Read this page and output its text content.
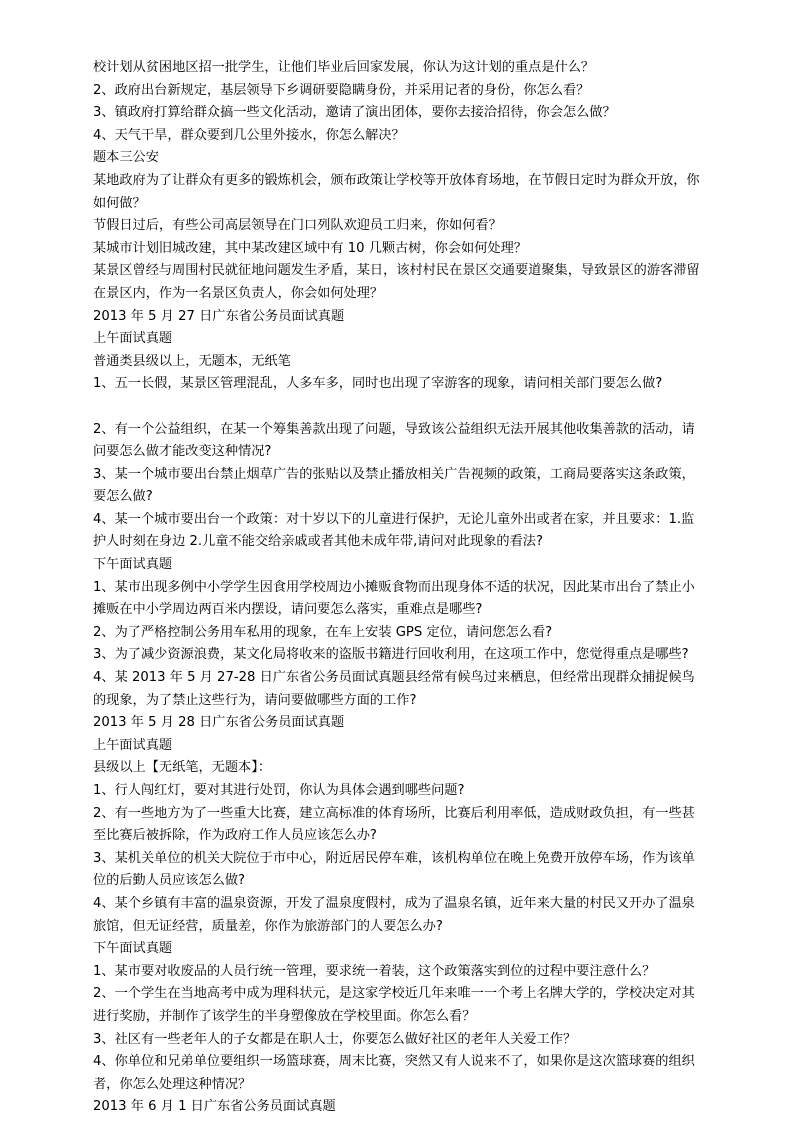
校计划从贫困地区招一批学生，让他们毕业后回家发展，你认为这计划的重点是什么？

2、政府出台新规定，基层领导下乡调研要隐瞒身份，并采用记者的身份，你怎么看？

3、镇政府打算给群众搞一些文化活动，邀请了演出团体，要你去接洽招待，你会怎么做？

4、天气干旱，群众要到几公里外接水，你怎么解决？

题本三公安

某地政府为了让群众有更多的锻炼机会，颁布政策让学校等开放体育场地，在节假日定时为群众开放，你如何做？

节假日过后，有些公司高层领导在门口列队欢迎员工归来，你如何看？

某城市计划旧城改建，其中某改建区域中有 10 几颗古树，你会如何处理？

某景区曾经与周围村民就征地问题发生矛盾，某日，该村村民在景区交通要道聚集，导致景区的游客滞留在景区内，作为一名景区负责人，你会如何处理？

2013 年 5 月 27 日广东省公务员面试真题

上午面试真题

普通类县级以上，无题本，无纸笔

1、五一长假，某景区管理混乱，人多车多，同时也出现了宰游客的现象，请问相关部门要怎么做?

2、有一个公益组织，在某一个筹集善款出现了问题，导致该公益组织无法开展其他收集善款的活动，请问要怎么做才能改变这种情况?

3、某一个城市要出台禁止烟草广告的张贴以及禁止播放相关广告视频的政策，工商局要落实这条政策，要怎么做?

4、某一个城市要出台一个政策：对十岁以下的儿童进行保护，无论儿童外出或者在家，并且要求：1.监护人时刻在身边 2.儿童不能交给亲戚或者其他未成年带,请问对此现象的看法?

下午面试真题

1、某市出现多例中小学学生因食用学校周边小摊贩食物而出现身体不适的状况，因此某市出台了禁止小摊贩在中小学周边两百米内摆设，请问要怎么落实，重难点是哪些?

2、为了严格控制公务用车私用的现象，在车上安装 GPS 定位，请问您怎么看?

3、为了减少资源浪费，某文化局将收来的盗版书籍进行回收利用，在这项工作中，您觉得重点是哪些?

4、某 2013 年 5 月 27-28 日广东省公务员面试真题县经常有候鸟过来栖息，但经常出现群众捕捉候鸟的现象，为了禁止这些行为，请问要做哪些方面的工作?

2013 年 5 月 28 日广东省公务员面试真题

上午面试真题

县级以上【无纸笔，无题本】：

1、行人闯红灯，要对其进行处罚，你认为具体会遇到哪些问题?

2、有一些地方为了一些重大比赛，建立高标准的体育场所，比赛后利用率低，造成财政负担，有一些甚至比赛后被拆除，作为政府工作人员应该怎么办?

3、某机关单位的机关大院位于市中心，附近居民停车难，该机构单位在晚上免费开放停车场，作为该单位的后勤人员应该怎么做?

4、某个乡镇有丰富的温泉资源，开发了温泉度假村，成为了温泉名镇，近年来大量的村民又开办了温泉旅馆，但无证经营，质量差，你作为旅游部门的人要怎么办?

下午面试真题

1、某市要对收废品的人员行统一管理，要求统一着装，这个政策落实到位的过程中要注意什么？

2、一个学生在当地高考中成为理科状元，是这家学校近几年来唯一一个考上名牌大学的，学校决定对其进行奖励，并制作了该学生的半身塑像放在学校里面。你怎么看？

3、社区有一些老年人的子女都是在职人士，你要怎么做好社区的老年人关爱工作？

4、你单位和兄弟单位要组织一场篮球赛，周末比赛，突然又有人说来不了，如果你是这次篮球赛的组织者，你怎么处理这种情况？

2013 年 6 月 1 日广东省公务员面试真题
